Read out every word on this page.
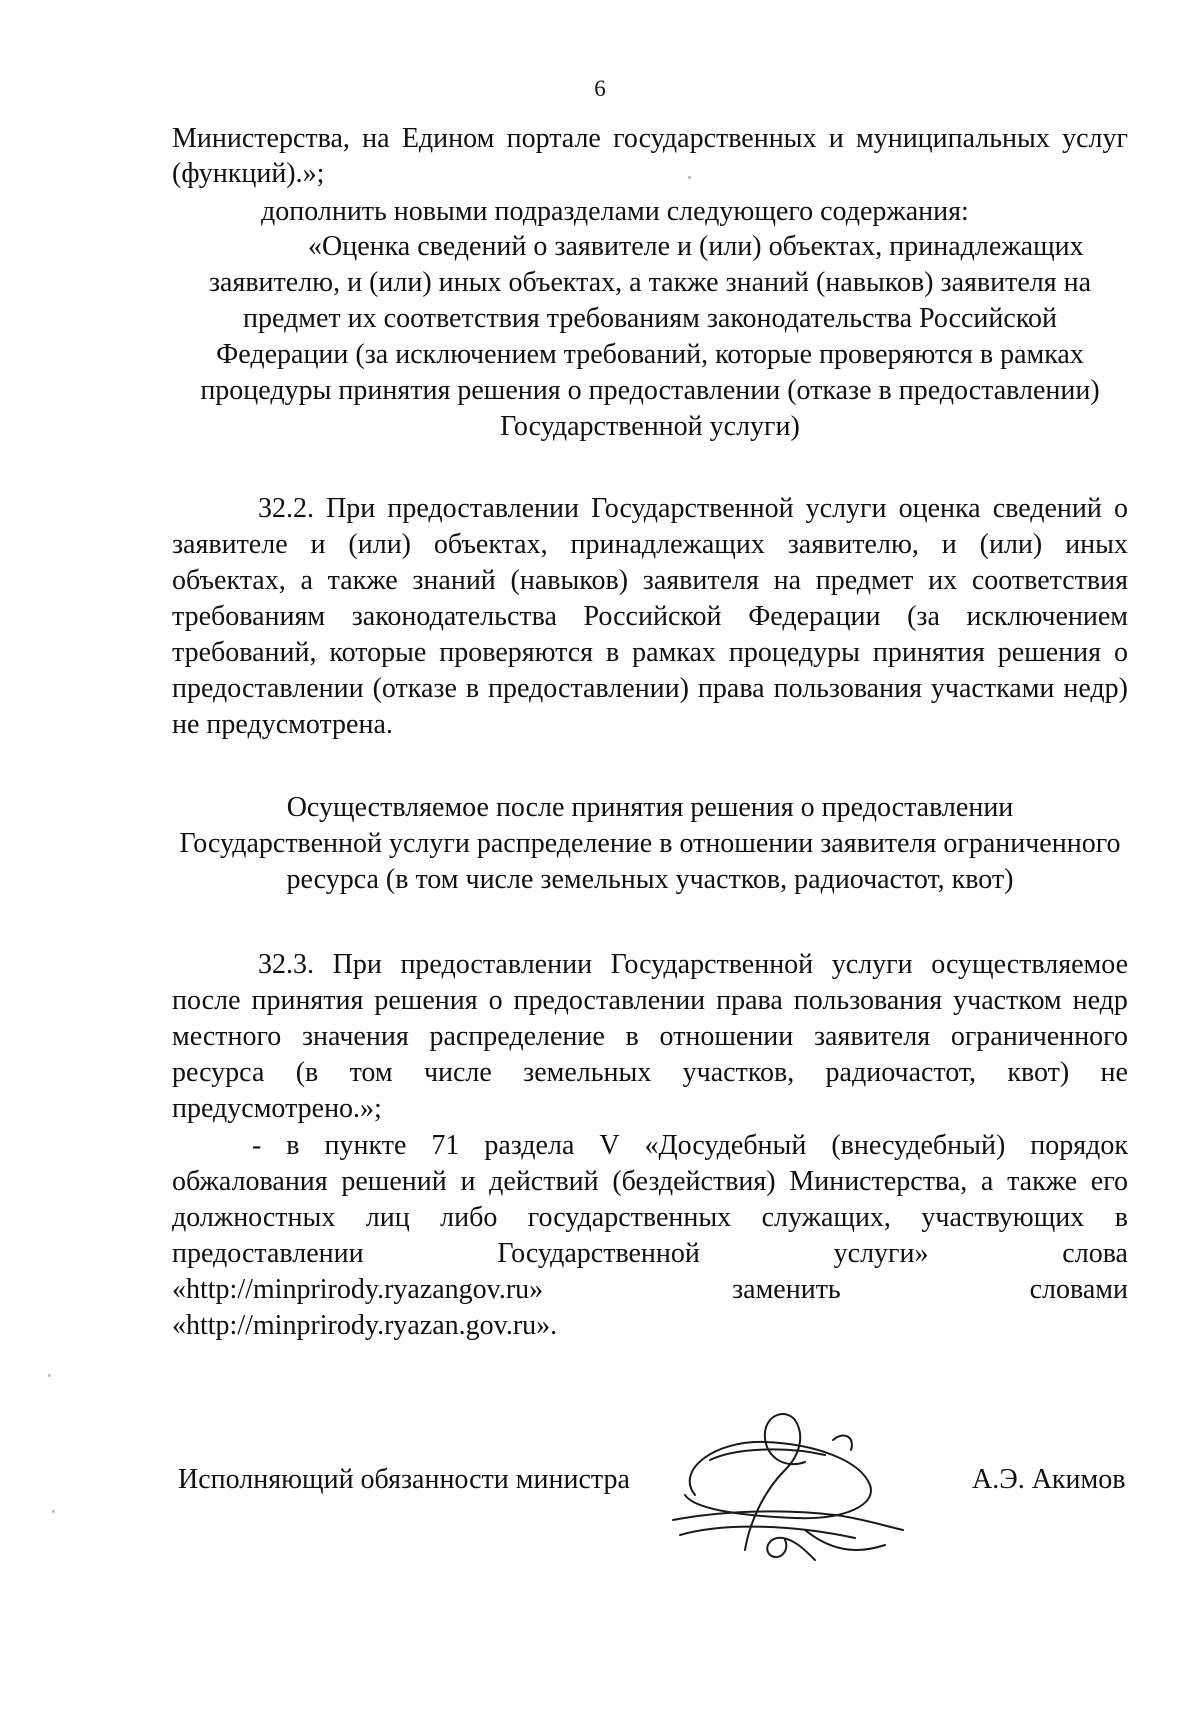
6
Министерства, на Едином портале государственных и муниципальных услуг
(функций).»;
дополнить новыми подразделами следующего содержания:
«Оценка сведений о заявителе и (или) объектах, принадлежащих
заявителю, и (или) иных объектах, а также знаний (навыков) заявителя на
предмет их соответствия требованиям законодательства Российской
Федерации (за исключением требований, которые проверяются в рамках
процедуры принятия решения о предоставлении (отказе в предоставлении)
Государственной услуги)
32.2. При предоставлении Государственной услуги оценка сведений о
заявителе и (или) объектах, принадлежащих заявителю, и (или) иных
объектах, а также знаний (навыков) заявителя на предмет их соответствия
требованиям законодательства Российской Федерации (за исключением
требований, которые проверяются в рамках процедуры принятия решения о
предоставлении (отказе в предоставлении) права пользования участками недр)
не предусмотрена.
Осуществляемое после принятия решения о предоставлении
Государственной услуги распределение в отношении заявителя ограниченного
ресурса (в том числе земельных участков, радиочастот, квот)
32.3. При предоставлении Государственной услуги осуществляемое
после принятия решения о предоставлении права пользования участком недр
местного значения распределение в отношении заявителя ограниченного
ресурса (в том числе земельных участков, радиочастот, квот) не
предусмотрено.»;
- в пункте 71 раздела V «Досудебный (внесудебный) порядок
обжалования решений и действий (бездействия) Министерства, а также его
должностных лиц либо государственных служащих, участвующих в
предоставлении	Государственной	услуги»	слова
«http://minprirody.ryazangov.ru»	заменить	словами
«http://minprirody.ryazan.gov.ru».
Исполняющий обязанности министра	А.Э. Акимов
